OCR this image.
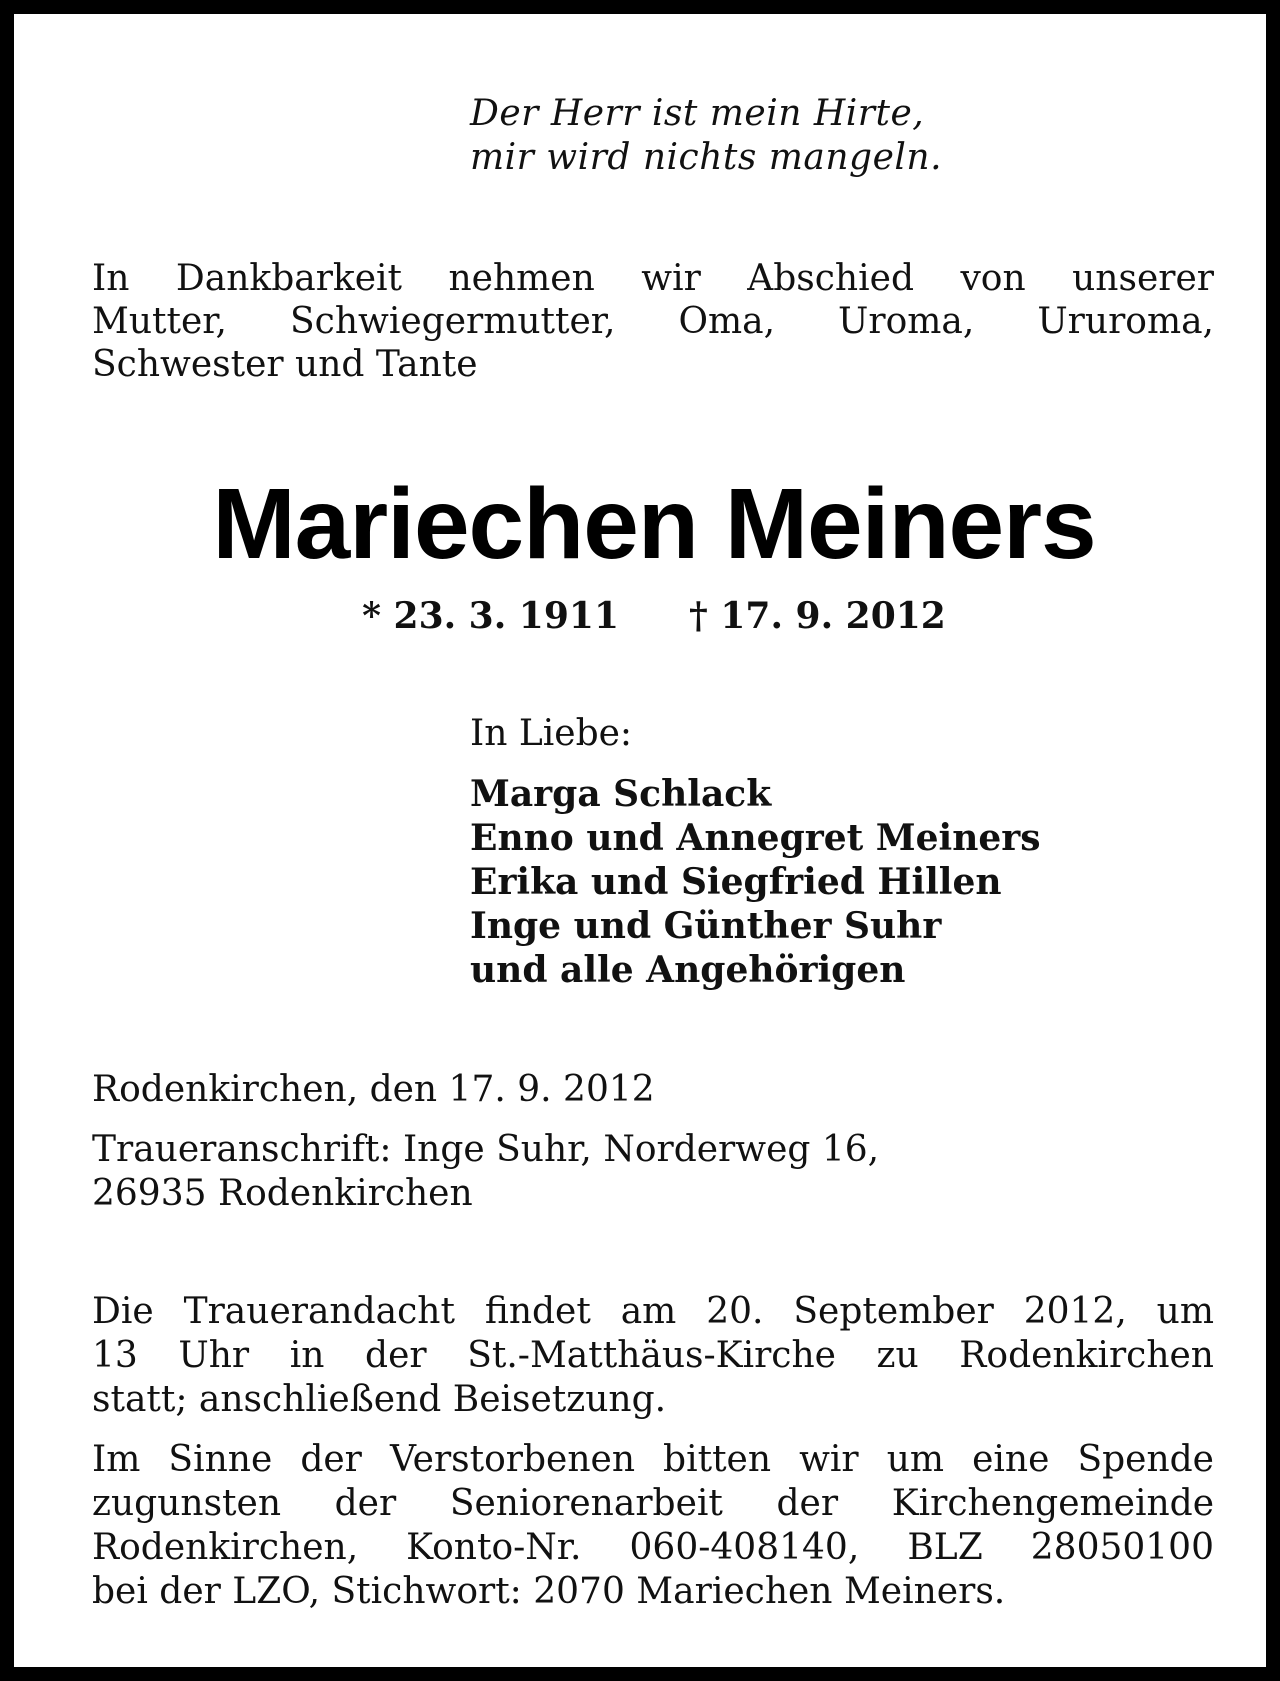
Der Herr ist mein Hirte,
mir wird nichts mangeln.
In Dankbarkeit nehmen wir Abschied von unserer
Mutter, Schwiegermutter, Oma, Uroma, Ururoma,
Schwester und Tante
Mariechen Meiners
* 23. 3. 1911 † 17. 9. 2012
In Liebe:
Marga Schlack
Enno und Annegret Meiners
Erika und Siegfried Hillen
Inge und Günther Suhr
und alle Angehörigen
Rodenkirchen, den 17. 9. 2012
Traueranschrift: Inge Suhr, Norderweg 16,
26935 Rodenkirchen
Die Trauerandacht findet am 20. September 2012, um
13 Uhr in der St.-Matthäus-Kirche zu Rodenkirchen
statt; anschließend Beisetzung.
Im Sinne der Verstorbenen bitten wir um eine Spende
zugunsten der Seniorenarbeit der Kirchengemeinde
Rodenkirchen, Konto-Nr. 060-408140, BLZ 28050100
bei der LZO, Stichwort: 2070 Mariechen Meiners.
